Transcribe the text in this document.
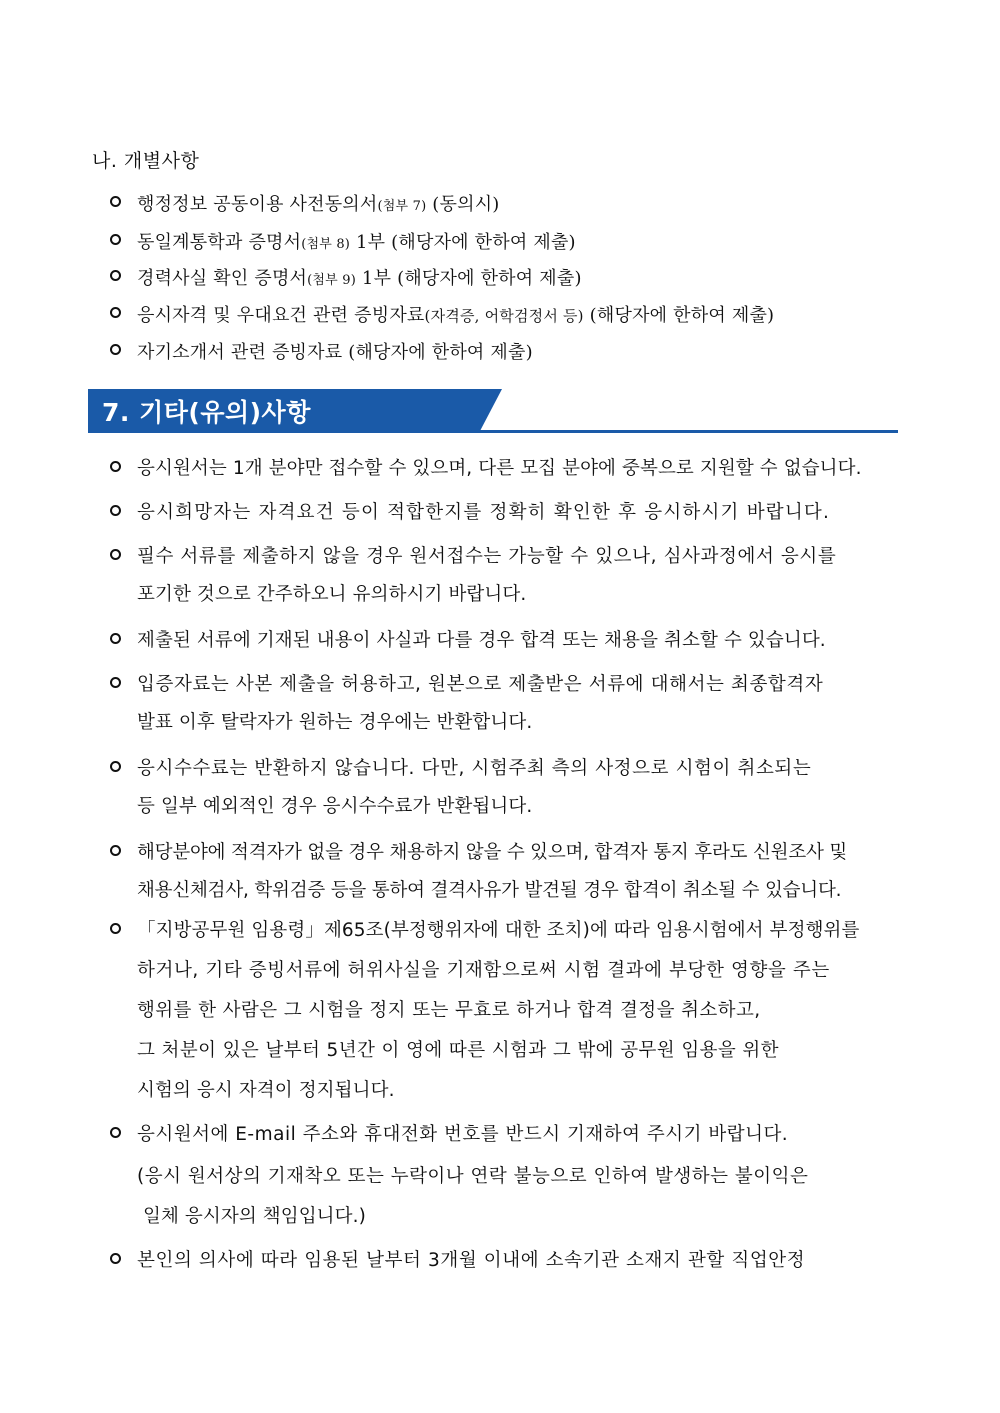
나. 개별사항
행정정보 공동이용 사전동의서(첨부 7) (동의시)
동일계통학과 증명서(첨부 8) 1부 (해당자에 한하여 제출)
경력사실 확인 증명서(첨부 9) 1부 (해당자에 한하여 제출)
응시자격 및 우대요건 관련 증빙자료(자격증, 어학검정서 등) (해당자에 한하여 제출)
자기소개서 관련 증빙자료 (해당자에 한하여 제출)
7. 기타(유의)사항
응시원서는 1개 분야만 접수할 수 있으며, 다른 모집 분야에 중복으로 지원할 수 없습니다.
응시희망자는 자격요건 등이 적합한지를 정확히 확인한 후 응시하시기 바랍니다.
필수 서류를 제출하지 않을 경우 원서접수는 가능할 수 있으나, 심사과정에서 응시를
포기한 것으로 간주하오니 유의하시기 바랍니다.
제출된 서류에 기재된 내용이 사실과 다를 경우 합격 또는 채용을 취소할 수 있습니다.
입증자료는 사본 제출을 허용하고, 원본으로 제출받은 서류에 대해서는 최종합격자
발표 이후 탈락자가 원하는 경우에는 반환합니다.
응시수수료는 반환하지 않습니다. 다만, 시험주최 측의 사정으로 시험이 취소되는
등 일부 예외적인 경우 응시수수료가 반환됩니다.
해당분야에 적격자가 없을 경우 채용하지 않을 수 있으며, 합격자 통지 후라도 신원조사 및
채용신체검사, 학위검증 등을 통하여 결격사유가 발견될 경우 합격이 취소될 수 있습니다.
「지방공무원 임용령」제65조(부정행위자에 대한 조치)에 따라 임용시험에서 부정행위를
하거나, 기타 증빙서류에 허위사실을 기재함으로써 시험 결과에 부당한 영향을 주는
행위를 한 사람은 그 시험을 정지 또는 무효로 하거나 합격 결정을 취소하고,
그 처분이 있은 날부터 5년간 이 영에 따른 시험과 그 밖에 공무원 임용을 위한
시험의 응시 자격이 정지됩니다.
응시원서에 E-mail 주소와 휴대전화 번호를 반드시 기재하여 주시기 바랍니다.
(응시 원서상의 기재착오 또는 누락이나 연락 불능으로 인하여 발생하는 불이익은
일체 응시자의 책임입니다.)
본인의 의사에 따라 임용된 날부터 3개월 이내에 소속기관 소재지 관할 직업안정
